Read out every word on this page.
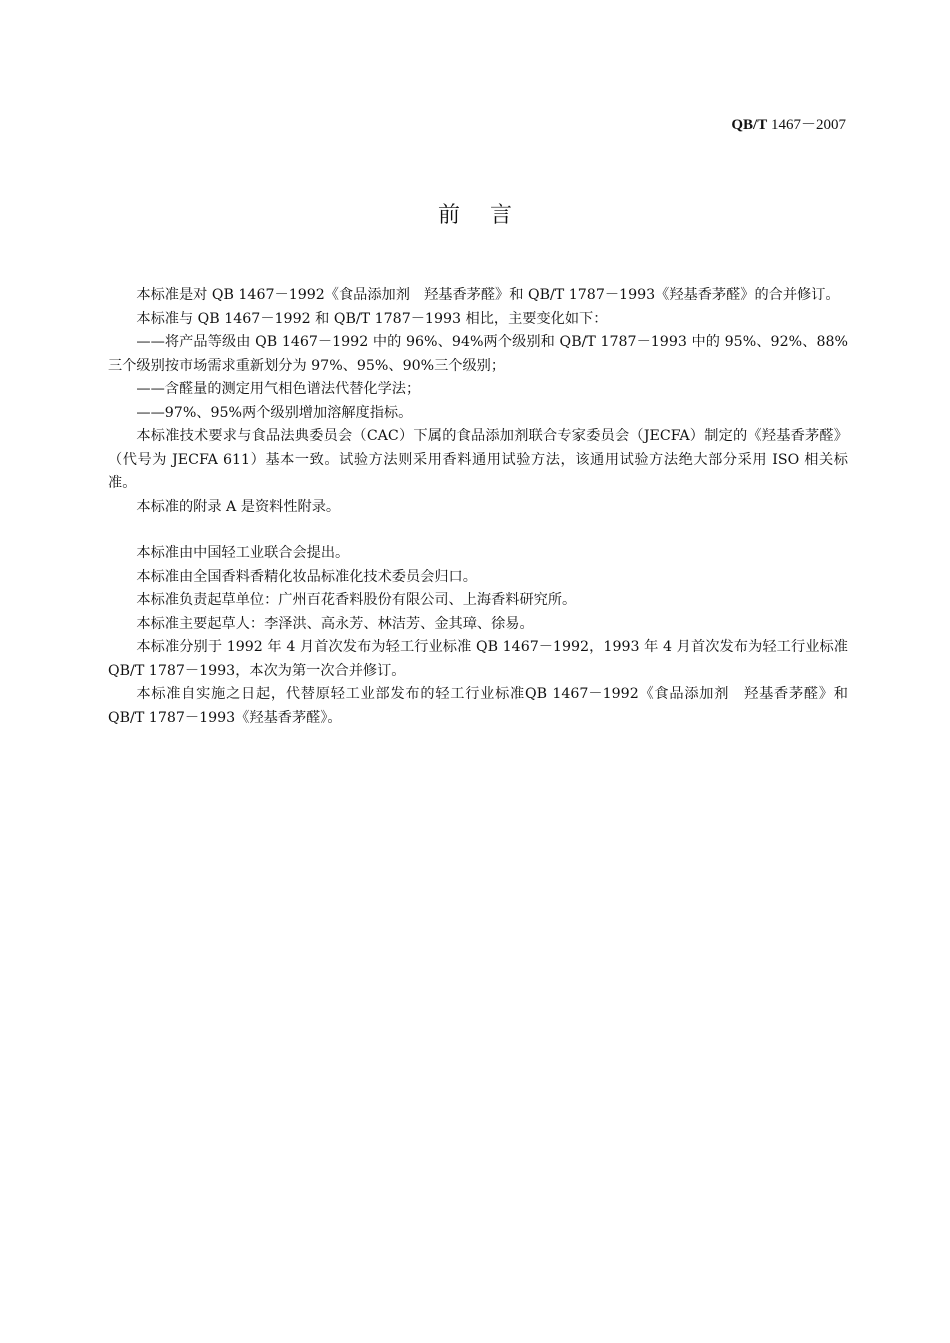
QB/T 1467－2007
前言

本标准是对 QB 1467－1992《食品添加剂　羟基香茅醛》和 QB/T 1787－1993《羟基香茅醛》的合并修订。

本标准与 QB 1467－1992 和 QB/T 1787－1993 相比，主要变化如下：

——将产品等级由 QB 1467－1992 中的 96%、94%两个级别和 QB/T 1787－1993 中的 95%、92%、88%三个级别按市场需求重新划分为 97%、95%、90%三个级别；

——含醛量的测定用气相色谱法代替化学法；

——97%、95%两个级别增加溶解度指标。

本标准技术要求与食品法典委员会（CAC）下属的食品添加剂联合专家委员会（JECFA）制定的《羟基香茅醛》（代号为 JECFA 611）基本一致。试验方法则采用香料通用试验方法，该通用试验方法绝大部分采用 ISO 相关标准。

本标准的附录 A 是资料性附录。

本标准由中国轻工业联合会提出。

本标准由全国香料香精化妆品标准化技术委员会归口。

本标准负责起草单位：广州百花香料股份有限公司、上海香料研究所。

本标准主要起草人：李泽洪、高永芳、林洁芳、金其璋、徐易。

本标准分别于 1992 年 4 月首次发布为轻工行业标准 QB 1467－1992，1993 年 4 月首次发布为轻工行业标准 QB/T 1787－1993，本次为第一次合并修订。

本标准自实施之日起，代替原轻工业部发布的轻工行业标准QB 1467－1992《食品添加剂　羟基香茅醛》和QB/T 1787－1993《羟基香茅醛》。
